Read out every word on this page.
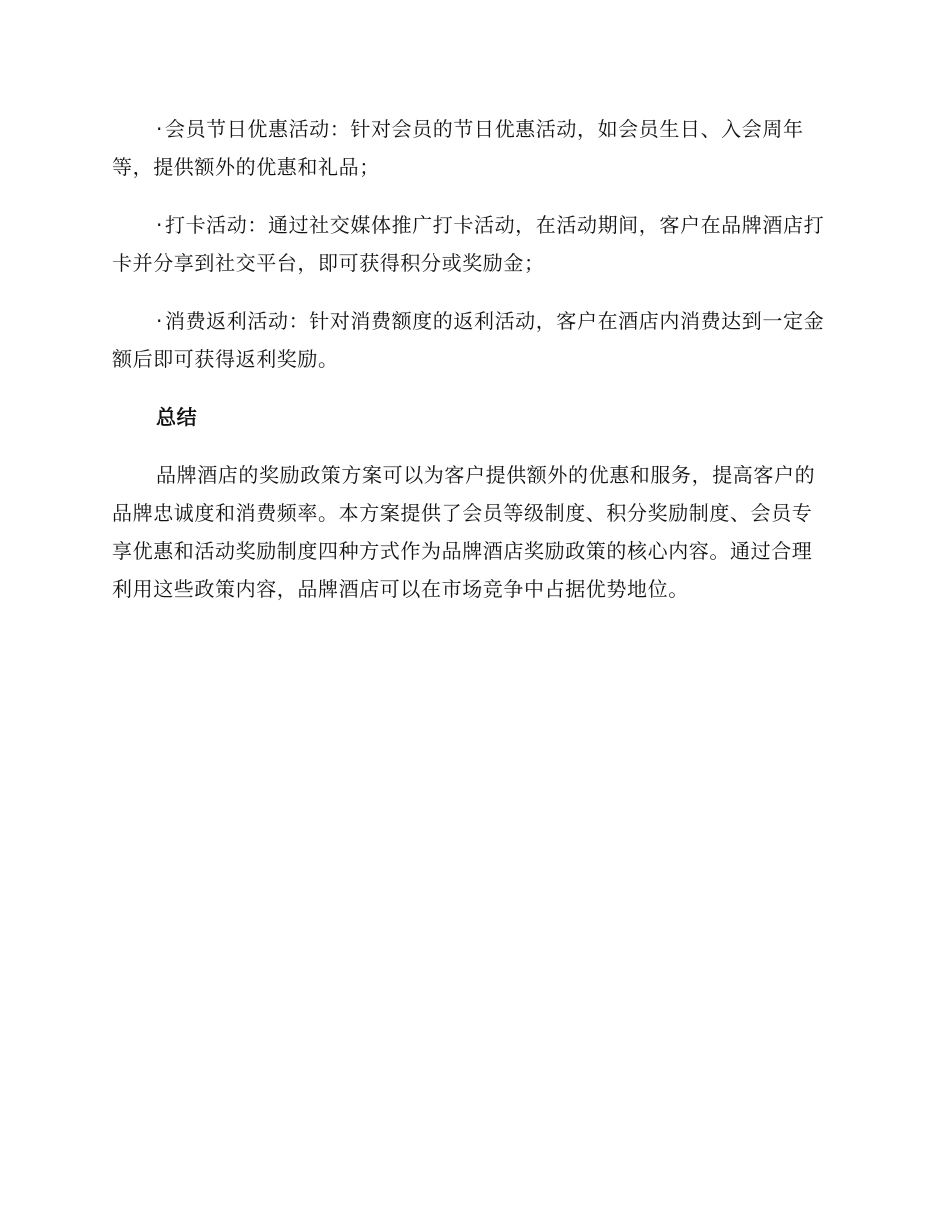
· 会员节日优惠活动：针对会员的节日优惠活动，如会员生日、入会周年等，提供额外的优惠和礼品；

· 打卡活动：通过社交媒体推广打卡活动，在活动期间，客户在品牌酒店打卡并分享到社交平台，即可获得积分或奖励金；

· 消费返利活动：针对消费额度的返利活动，客户在酒店内消费达到一定金额后即可获得返利奖励。

总结

品牌酒店的奖励政策方案可以为客户提供额外的优惠和服务，提高客户的品牌忠诚度和消费频率。本方案提供了会员等级制度、积分奖励制度、会员专享优惠和活动奖励制度四种方式作为品牌酒店奖励政策的核心内容。通过合理利用这些政策内容，品牌酒店可以在市场竞争中占据优势地位。
